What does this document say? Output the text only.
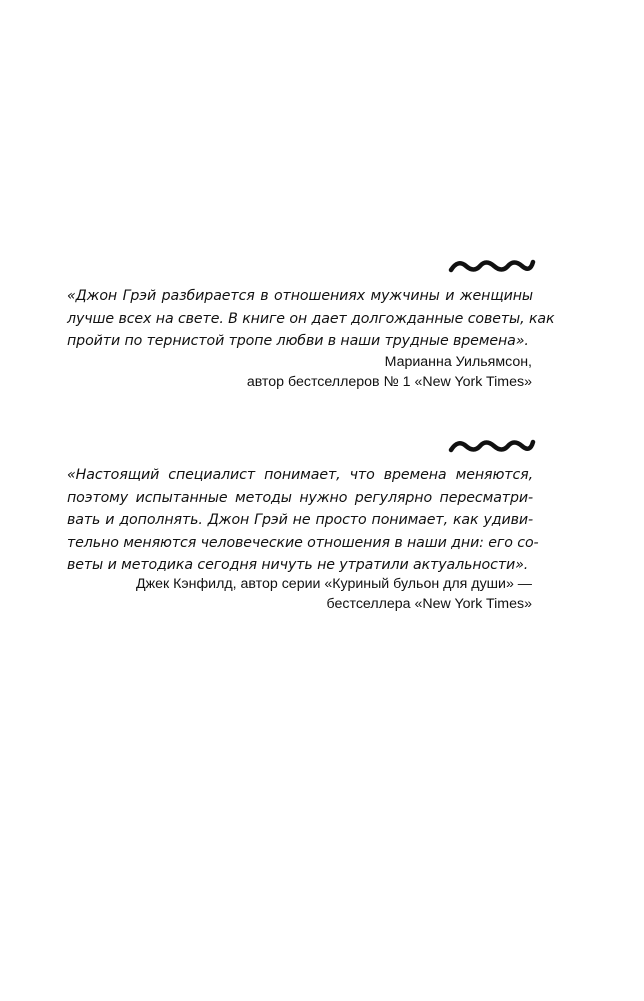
«Джон Грэй разбирается в отношениях мужчины и женщины
лучше всех на свете. В книге он дает долгожданные советы, как
пройти по тернистой тропе любви в наши трудные времена».

Марианна Уильямсон,
автор бестселлеров № 1 «New York Times»

«Настоящий специалист понимает, что времена меняются,
поэтому испытанные методы нужно регулярно пересматри-
вать и дополнять. Джон Грэй не просто понимает, как удиви-
тельно меняются человеческие отношения в наши дни: его со-
веты и методика сегодня ничуть не утратили актуальности».

Джек Кэнфилд, автор серии «Куриный бульон для души» —
бестселлера «New York Times»
